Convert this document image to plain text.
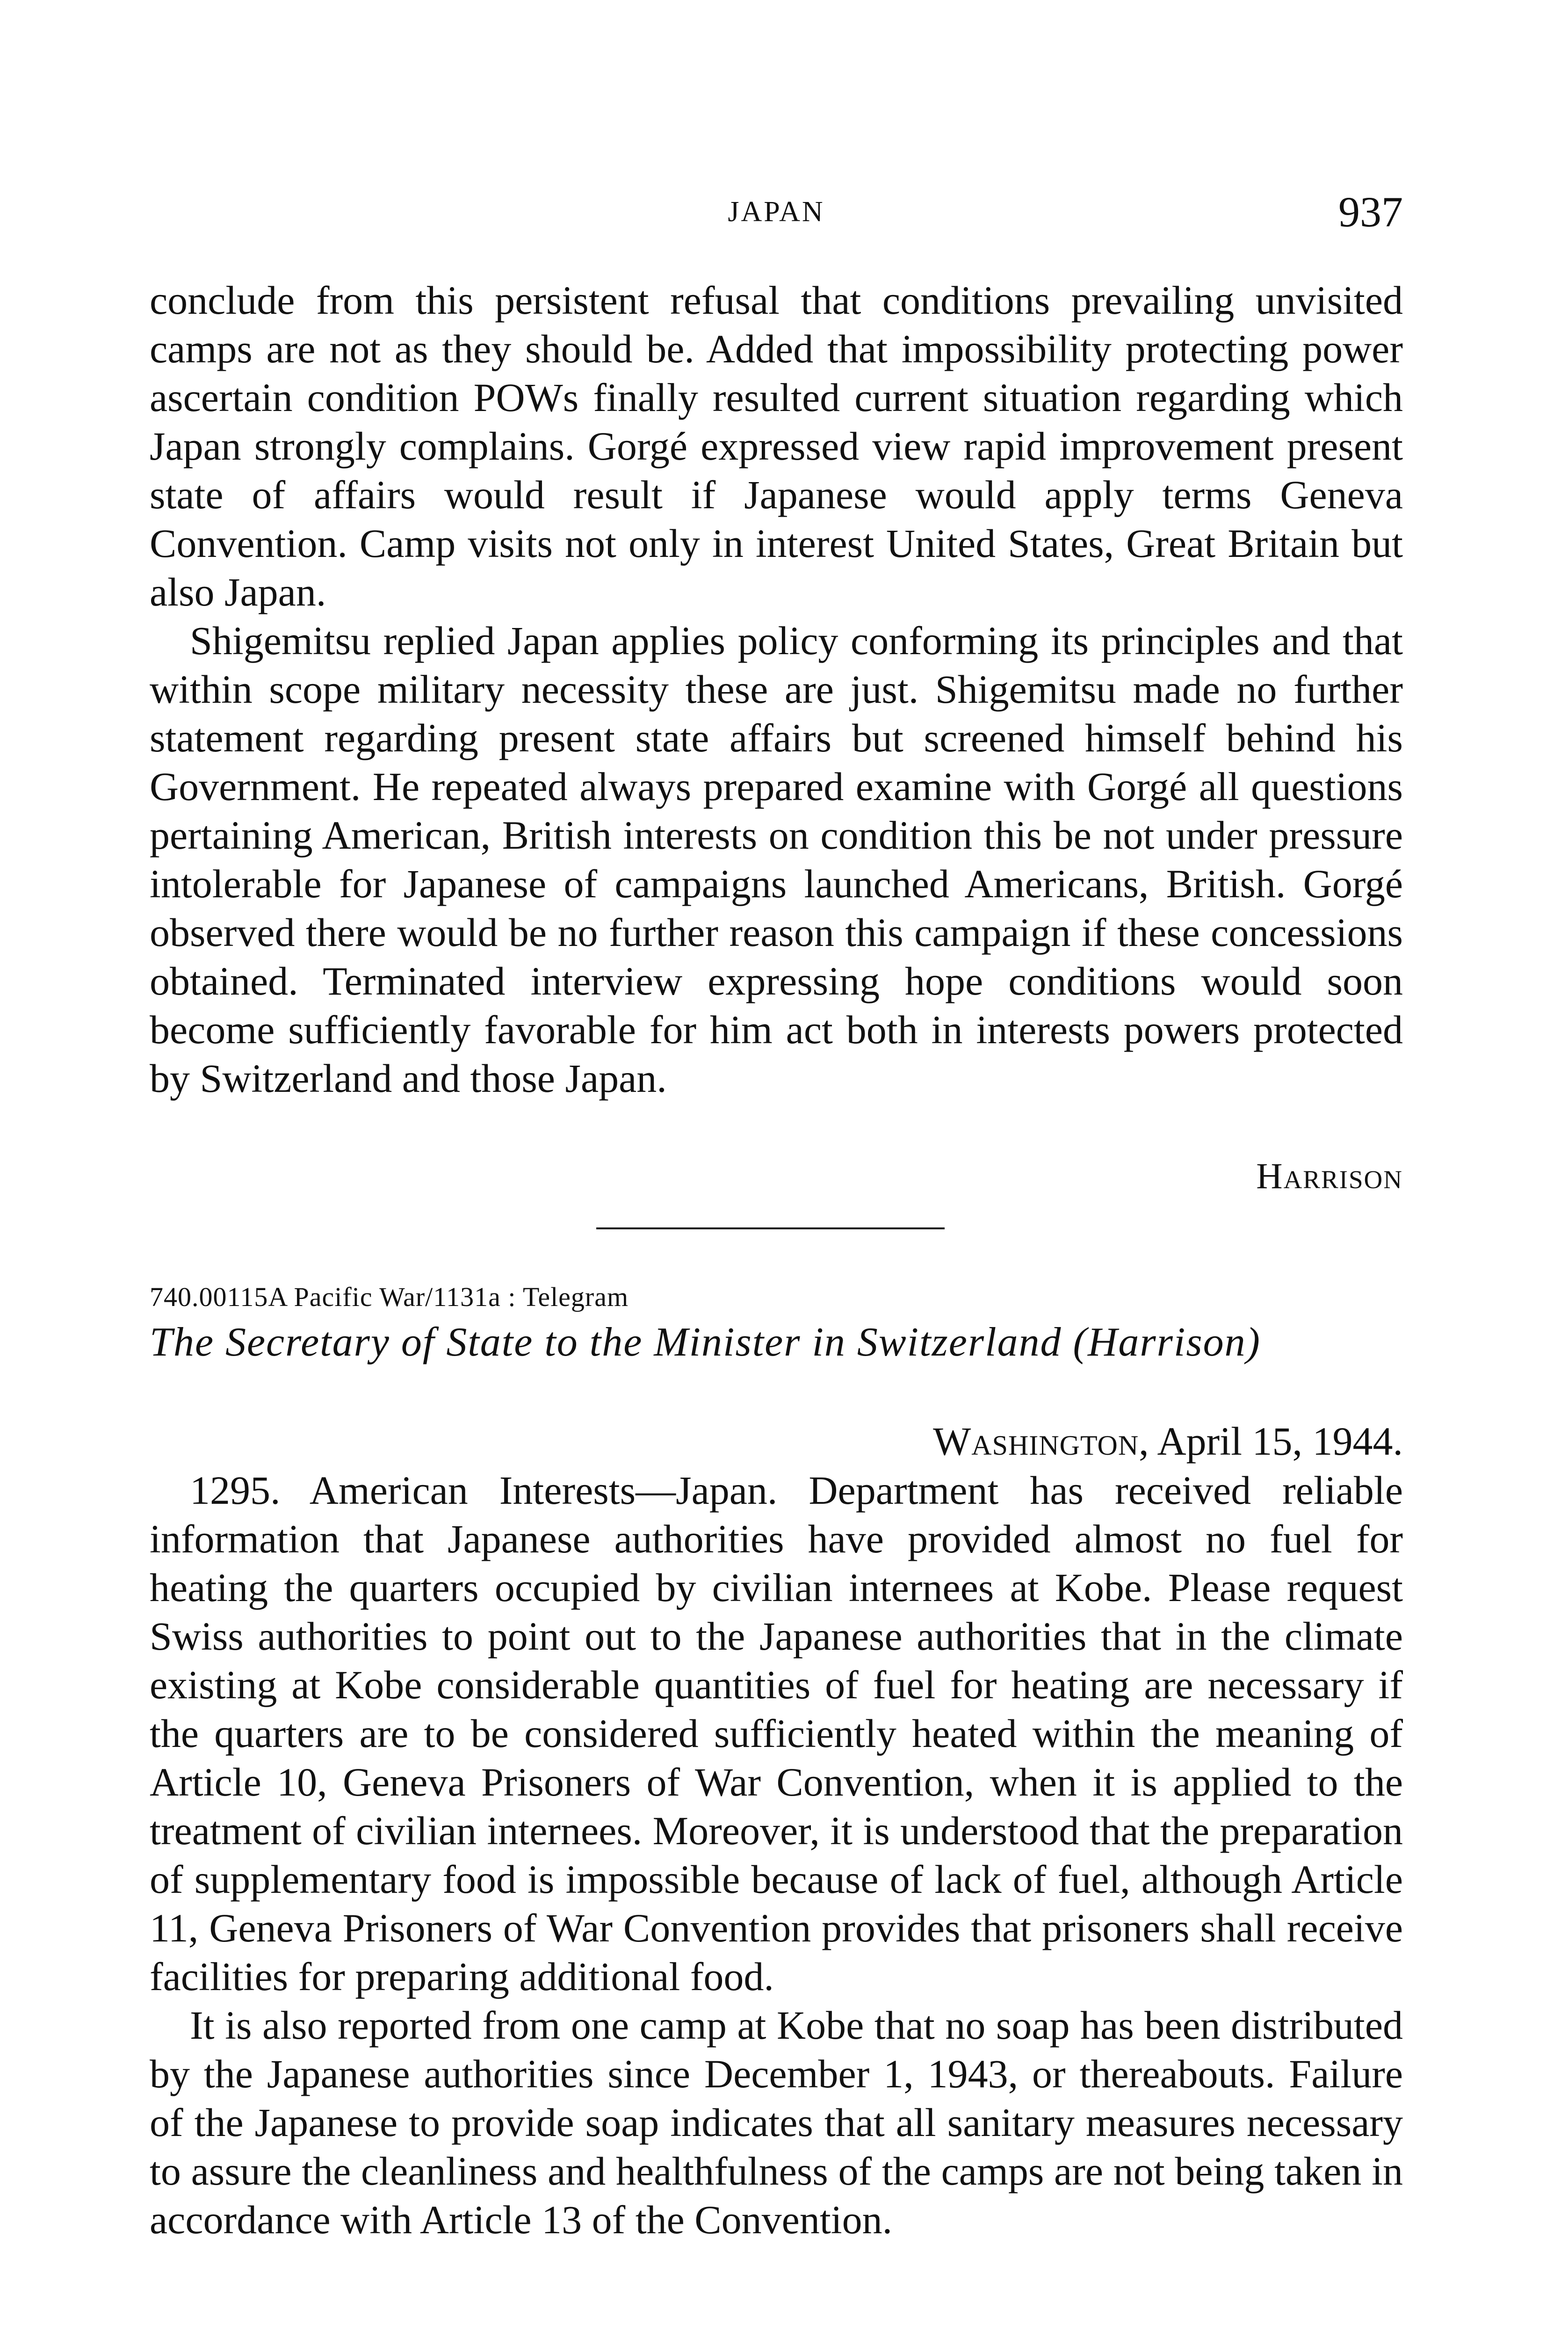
JAPAN	937

conclude from this persistent refusal that conditions prevailing unvisited camps are not as they should be. Added that impossibility protecting power ascertain condition POWs finally resulted current situation regarding which Japan strongly complains. Gorgé expressed view rapid improvement present state of affairs would result if Japanese would apply terms Geneva Convention. Camp visits not only in interest United States, Great Britain but also Japan.

Shigemitsu replied Japan applies policy conforming its principles and that within scope military necessity these are just. Shigemitsu made no further statement regarding present state affairs but screened himself behind his Government. He repeated always prepared examine with Gorgé all questions pertaining American, British interests on condition this be not under pressure intolerable for Japanese of campaigns launched Americans, British. Gorgé observed there would be no further reason this campaign if these concessions obtained. Terminated interview expressing hope conditions would soon become sufficiently favorable for him act both in interests powers protected by Switzerland and those Japan.

Harrison
740.00115A Pacific War/1131a : Telegram
The Secretary of State to the Minister in Switzerland (Harrison)
Washington, April 15, 1944.

1295. American Interests—Japan. Department has received reliable information that Japanese authorities have provided almost no fuel for heating the quarters occupied by civilian internees at Kobe. Please request Swiss authorities to point out to the Japanese authorities that in the climate existing at Kobe considerable quantities of fuel for heating are necessary if the quarters are to be considered sufficiently heated within the meaning of Article 10, Geneva Prisoners of War Convention, when it is applied to the treatment of civilian internees. Moreover, it is understood that the preparation of supplementary food is impossible because of lack of fuel, although Article 11, Geneva Prisoners of War Convention provides that prisoners shall receive facilities for preparing additional food.

It is also reported from one camp at Kobe that no soap has been distributed by the Japanese authorities since December 1, 1943, or thereabouts. Failure of the Japanese to provide soap indicates that all sanitary measures necessary to assure the cleanliness and healthfulness of the camps are not being taken in accordance with Article 13 of the Convention.
